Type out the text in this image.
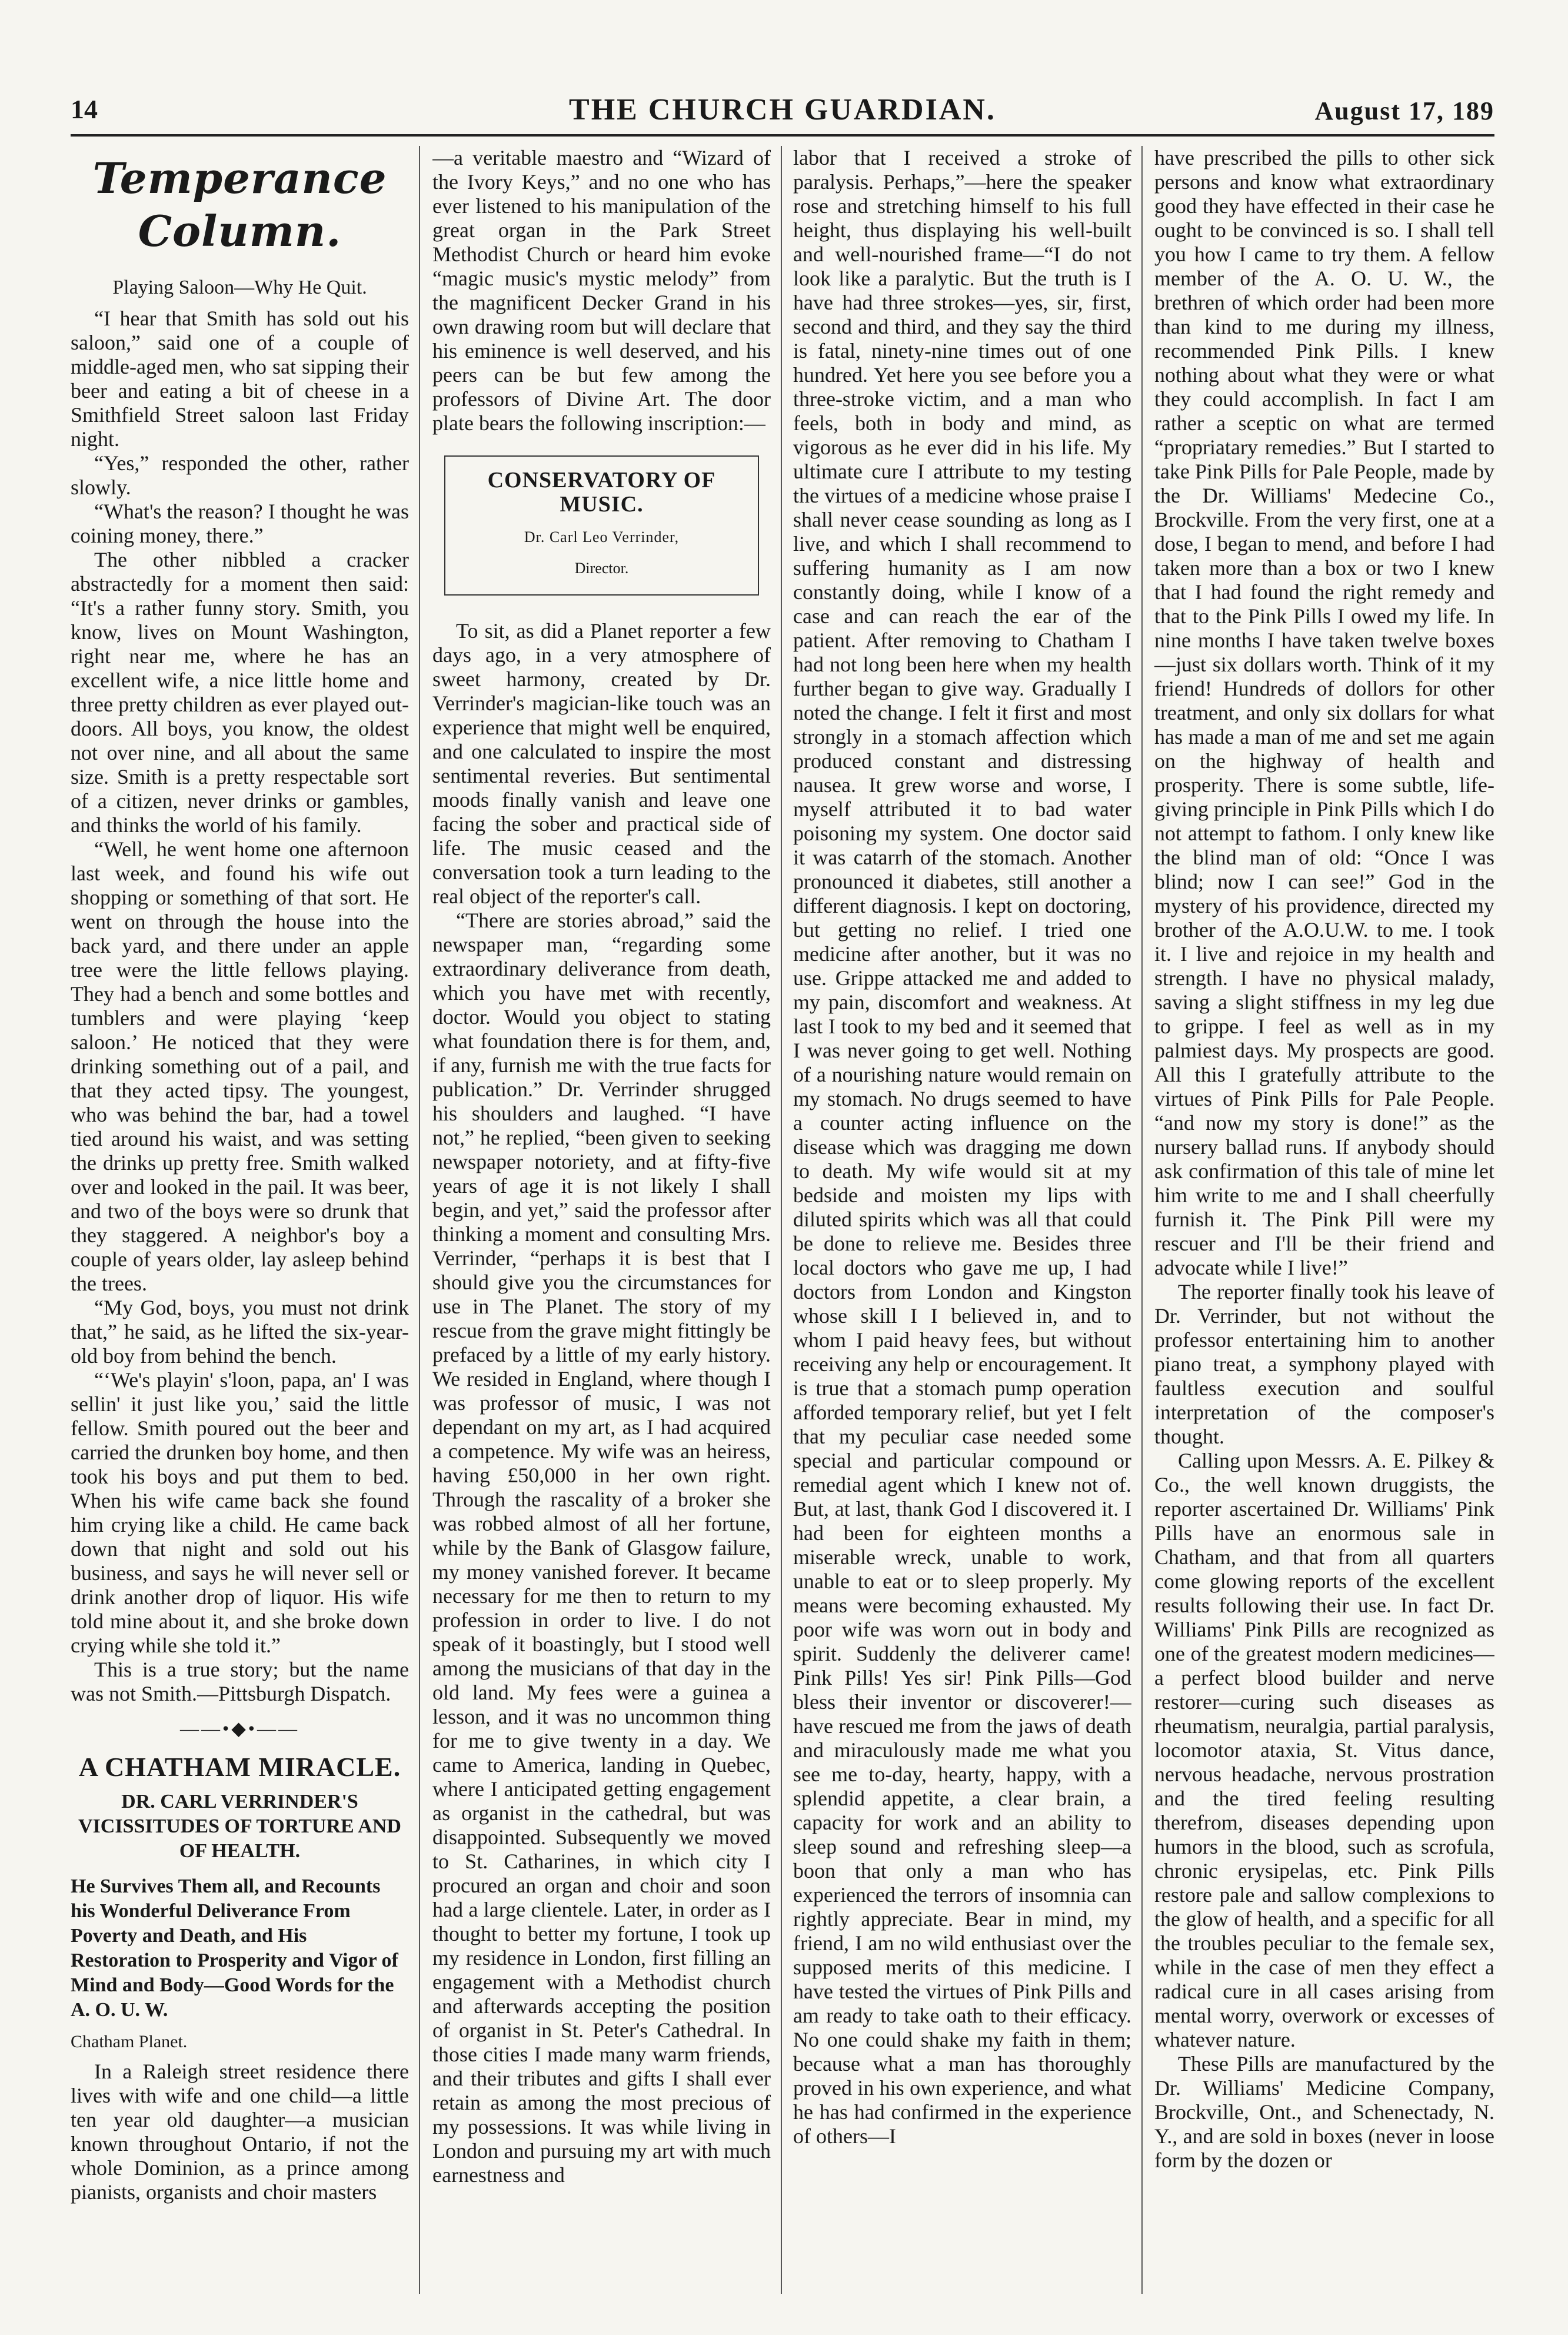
14	THE CHURCH GUARDIAN.	August 17, 189
Temperance Column.
Playing Saloon—Why He Quit.

“I hear that Smith has sold out his saloon,” said one of a couple of middle-aged men, who sat sipping their beer and eating a bit of cheese in a Smithfield Street saloon last Friday night.

“Yes,” responded the other, rather slowly.

“What's the reason? I thought he was coining money, there.”

The other nibbled a cracker abstractedly for a moment then said: “It's a rather funny story. Smith, you know, lives on Mount Washington, right near me, where he has an excellent wife, a nice little home and three pretty children as ever played out-doors. All boys, you know, the oldest not over nine, and all about the same size. Smith is a pretty respectable sort of a citizen, never drinks or gambles, and thinks the world of his family.

“Well, he went home one afternoon last week, and found his wife out shopping or something of that sort. He went on through the house into the back yard, and there under an apple tree were the little fellows playing. They had a bench and some bottles and tumblers and were playing ‘keep saloon.’ He noticed that they were drinking something out of a pail, and that they acted tipsy. The youngest, who was behind the bar, had a towel tied around his waist, and was setting the drinks up pretty free. Smith walked over and looked in the pail. It was beer, and two of the boys were so drunk that they staggered. A neighbor's boy a couple of years older, lay asleep behind the trees.

“My God, boys, you must not drink that,” he said, as he lifted the six-year-old boy from behind the bench.

“‘We's playin' s'loon, papa, an' I was sellin' it just like you,’ said the little fellow. Smith poured out the beer and carried the drunken boy home, and then took his boys and put them to bed. When his wife came back she found him crying like a child. He came back down that night and sold out his business, and says he will never sell or drink another drop of liquor. His wife told mine about it, and she broke down crying while she told it.”

This is a true story; but the name was not Smith.—Pittsburgh Dispatch.

——•◆•——
A CHATHAM MIRACLE.
DR. CARL VERRINDER'S VICISSITUDES OF TORTURE AND OF HEALTH.
He Survives Them all, and Recounts his Wonderful Deliverance From Poverty and Death, and His Restoration to Prosperity and Vigor of Mind and Body—Good Words for the A. O. U. W.
Chatham Planet.

In a Raleigh street residence there lives with wife and one child—a little ten year old daughter—a musician known throughout Ontario, if not the whole Dominion, as a prince among pianists, organists and choir masters

—a veritable maestro and “Wizard of the Ivory Keys,” and no one who has ever listened to his manipulation of the great organ in the Park Street Methodist Church or heard him evoke “magic music's mystic melody” from the magnificent Decker Grand in his own drawing room but will declare that his eminence is well deserved, and his peers can be but few among the professors of Divine Art. The door plate bears the following inscription:—

CONSERVATORY OF MUSIC.
Dr. Carl Leo Verrinder,
Director.

To sit, as did a Planet reporter a few days ago, in a very atmosphere of sweet harmony, created by Dr. Verrinder's magician-like touch was an experience that might well be enquired, and one calculated to inspire the most sentimental reveries. But sentimental moods finally vanish and leave one facing the sober and practical side of life. The music ceased and the conversation took a turn leading to the real object of the reporter's call.

“There are stories abroad,” said the newspaper man, “regarding some extraordinary deliverance from death, which you have met with recently, doctor. Would you object to stating what foundation there is for them, and, if any, furnish me with the true facts for publication.” Dr. Verrinder shrugged his shoulders and laughed. “I have not,” he replied, “been given to seeking newspaper notoriety, and at fifty-five years of age it is not likely I shall begin, and yet,” said the professor after thinking a moment and consulting Mrs. Verrinder, “perhaps it is best that I should give you the circumstances for use in The Planet. The story of my rescue from the grave might fittingly be prefaced by a little of my early history. We resided in England, where though I was professor of music, I was not dependant on my art, as I had acquired a competence. My wife was an heiress, having £50,000 in her own right. Through the rascality of a broker she was robbed almost of all her fortune, while by the Bank of Glasgow failure, my money vanished forever. It became necessary for me then to return to my profession in order to live. I do not speak of it boastingly, but I stood well among the musicians of that day in the old land. My fees were a guinea a lesson, and it was no uncommon thing for me to give twenty in a day. We came to America, landing in Quebec, where I anticipated getting engagement as organist in the cathedral, but was disappointed. Subsequently we moved to St. Catharines, in which city I procured an organ and choir and soon had a large clientele. Later, in order as I thought to better my fortune, I took up my residence in London, first filling an engagement with a Methodist church and afterwards accepting the position of organist in St. Peter's Cathedral. In those cities I made many warm friends, and their tributes and gifts I shall ever retain as among the most precious of my possessions. It was while living in London and pursuing my art with much earnestness and

labor that I received a stroke of paralysis. Perhaps,”—here the speaker rose and stretching himself to his full height, thus displaying his well-built and well-nourished frame—“I do not look like a paralytic. But the truth is I have had three strokes—yes, sir, first, second and third, and they say the third is fatal, ninety-nine times out of one hundred. Yet here you see before you a three-stroke victim, and a man who feels, both in body and mind, as vigorous as he ever did in his life. My ultimate cure I attribute to my testing the virtues of a medicine whose praise I shall never cease sounding as long as I live, and which I shall recommend to suffering humanity as I am now constantly doing, while I know of a case and can reach the ear of the patient. After removing to Chatham I had not long been here when my health further began to give way. Gradually I noted the change. I felt it first and most strongly in a stomach affection which produced constant and distressing nausea. It grew worse and worse, I myself attributed it to bad water poisoning my system. One doctor said it was catarrh of the stomach. Another pronounced it diabetes, still another a different diagnosis. I kept on doctoring, but getting no relief. I tried one medicine after another, but it was no use. Grippe attacked me and added to my pain, discomfort and weakness. At last I took to my bed and it seemed that I was never going to get well. Nothing of a nourishing nature would remain on my stomach. No drugs seemed to have a counter acting influence on the disease which was dragging me down to death. My wife would sit at my bedside and moisten my lips with diluted spirits which was all that could be done to relieve me. Besides three local doctors who gave me up, I had doctors from London and Kingston whose skill I I believed in, and to whom I paid heavy fees, but without receiving any help or encouragement. It is true that a stomach pump operation afforded temporary relief, but yet I felt that my peculiar case needed some special and particular compound or remedial agent which I knew not of. But, at last, thank God I discovered it. I had been for eighteen months a miserable wreck, unable to work, unable to eat or to sleep properly. My means were becoming exhausted. My poor wife was worn out in body and spirit. Suddenly the deliverer came! Pink Pills! Yes sir! Pink Pills—God bless their inventor or discoverer!—have rescued me from the jaws of death and miraculously made me what you see me to-day, hearty, happy, with a splendid appetite, a clear brain, a capacity for work and an ability to sleep sound and refreshing sleep—a boon that only a man who has experienced the terrors of insomnia can rightly appreciate. Bear in mind, my friend, I am no wild enthusiast over the supposed merits of this medicine. I have tested the virtues of Pink Pills and am ready to take oath to their efficacy. No one could shake my faith in them; because what a man has thoroughly proved in his own experience, and what he has had confirmed in the experience of others—I

have prescribed the pills to other sick persons and know what extraordinary good they have effected in their case he ought to be convinced is so. I shall tell you how I came to try them. A fellow member of the A. O. U. W., the brethren of which order had been more than kind to me during my illness, recommended Pink Pills. I knew nothing about what they were or what they could accomplish. In fact I am rather a sceptic on what are termed “propriatary remedies.” But I started to take Pink Pills for Pale People, made by the Dr. Williams' Medecine Co., Brockville. From the very first, one at a dose, I began to mend, and before I had taken more than a box or two I knew that I had found the right remedy and that to the Pink Pills I owed my life. In nine months I have taken twelve boxes—just six dollars worth. Think of it my friend! Hundreds of dollors for other treatment, and only six dollars for what has made a man of me and set me again on the highway of health and prosperity. There is some subtle, life-giving principle in Pink Pills which I do not attempt to fathom. I only knew like the blind man of old: “Once I was blind; now I can see!” God in the mystery of his providence, directed my brother of the A.O.U.W. to me. I took it. I live and rejoice in my health and strength. I have no physical malady, saving a slight stiffness in my leg due to grippe. I feel as well as in my palmiest days. My prospects are good. All this I gratefully attribute to the virtues of Pink Pills for Pale People. “and now my story is done!” as the nursery ballad runs. If anybody should ask confirmation of this tale of mine let him write to me and I shall cheerfully furnish it. The Pink Pill were my rescuer and I'll be their friend and advocate while I live!”

The reporter finally took his leave of Dr. Verrinder, but not without the professor entertaining him to another piano treat, a symphony played with faultless execution and soulful interpretation of the composer's thought.

Calling upon Messrs. A. E. Pilkey & Co., the well known druggists, the reporter ascertained Dr. Williams' Pink Pills have an enormous sale in Chatham, and that from all quarters come glowing reports of the excellent results following their use. In fact Dr. Williams' Pink Pills are recognized as one of the greatest modern medicines—a perfect blood builder and nerve restorer—curing such diseases as rheumatism, neuralgia, partial paralysis, locomotor ataxia, St. Vitus dance, nervous headache, nervous prostration and the tired feeling resulting therefrom, diseases depending upon humors in the blood, such as scrofula, chronic erysipelas, etc. Pink Pills restore pale and sallow complexions to the glow of health, and a specific for all the troubles peculiar to the female sex, while in the case of men they effect a radical cure in all cases arising from mental worry, overwork or excesses of whatever nature.

These Pills are manufactured by the Dr. Williams' Medicine Company, Brockville, Ont., and Schenectady, N. Y., and are sold in boxes (never in loose form by the dozen or
